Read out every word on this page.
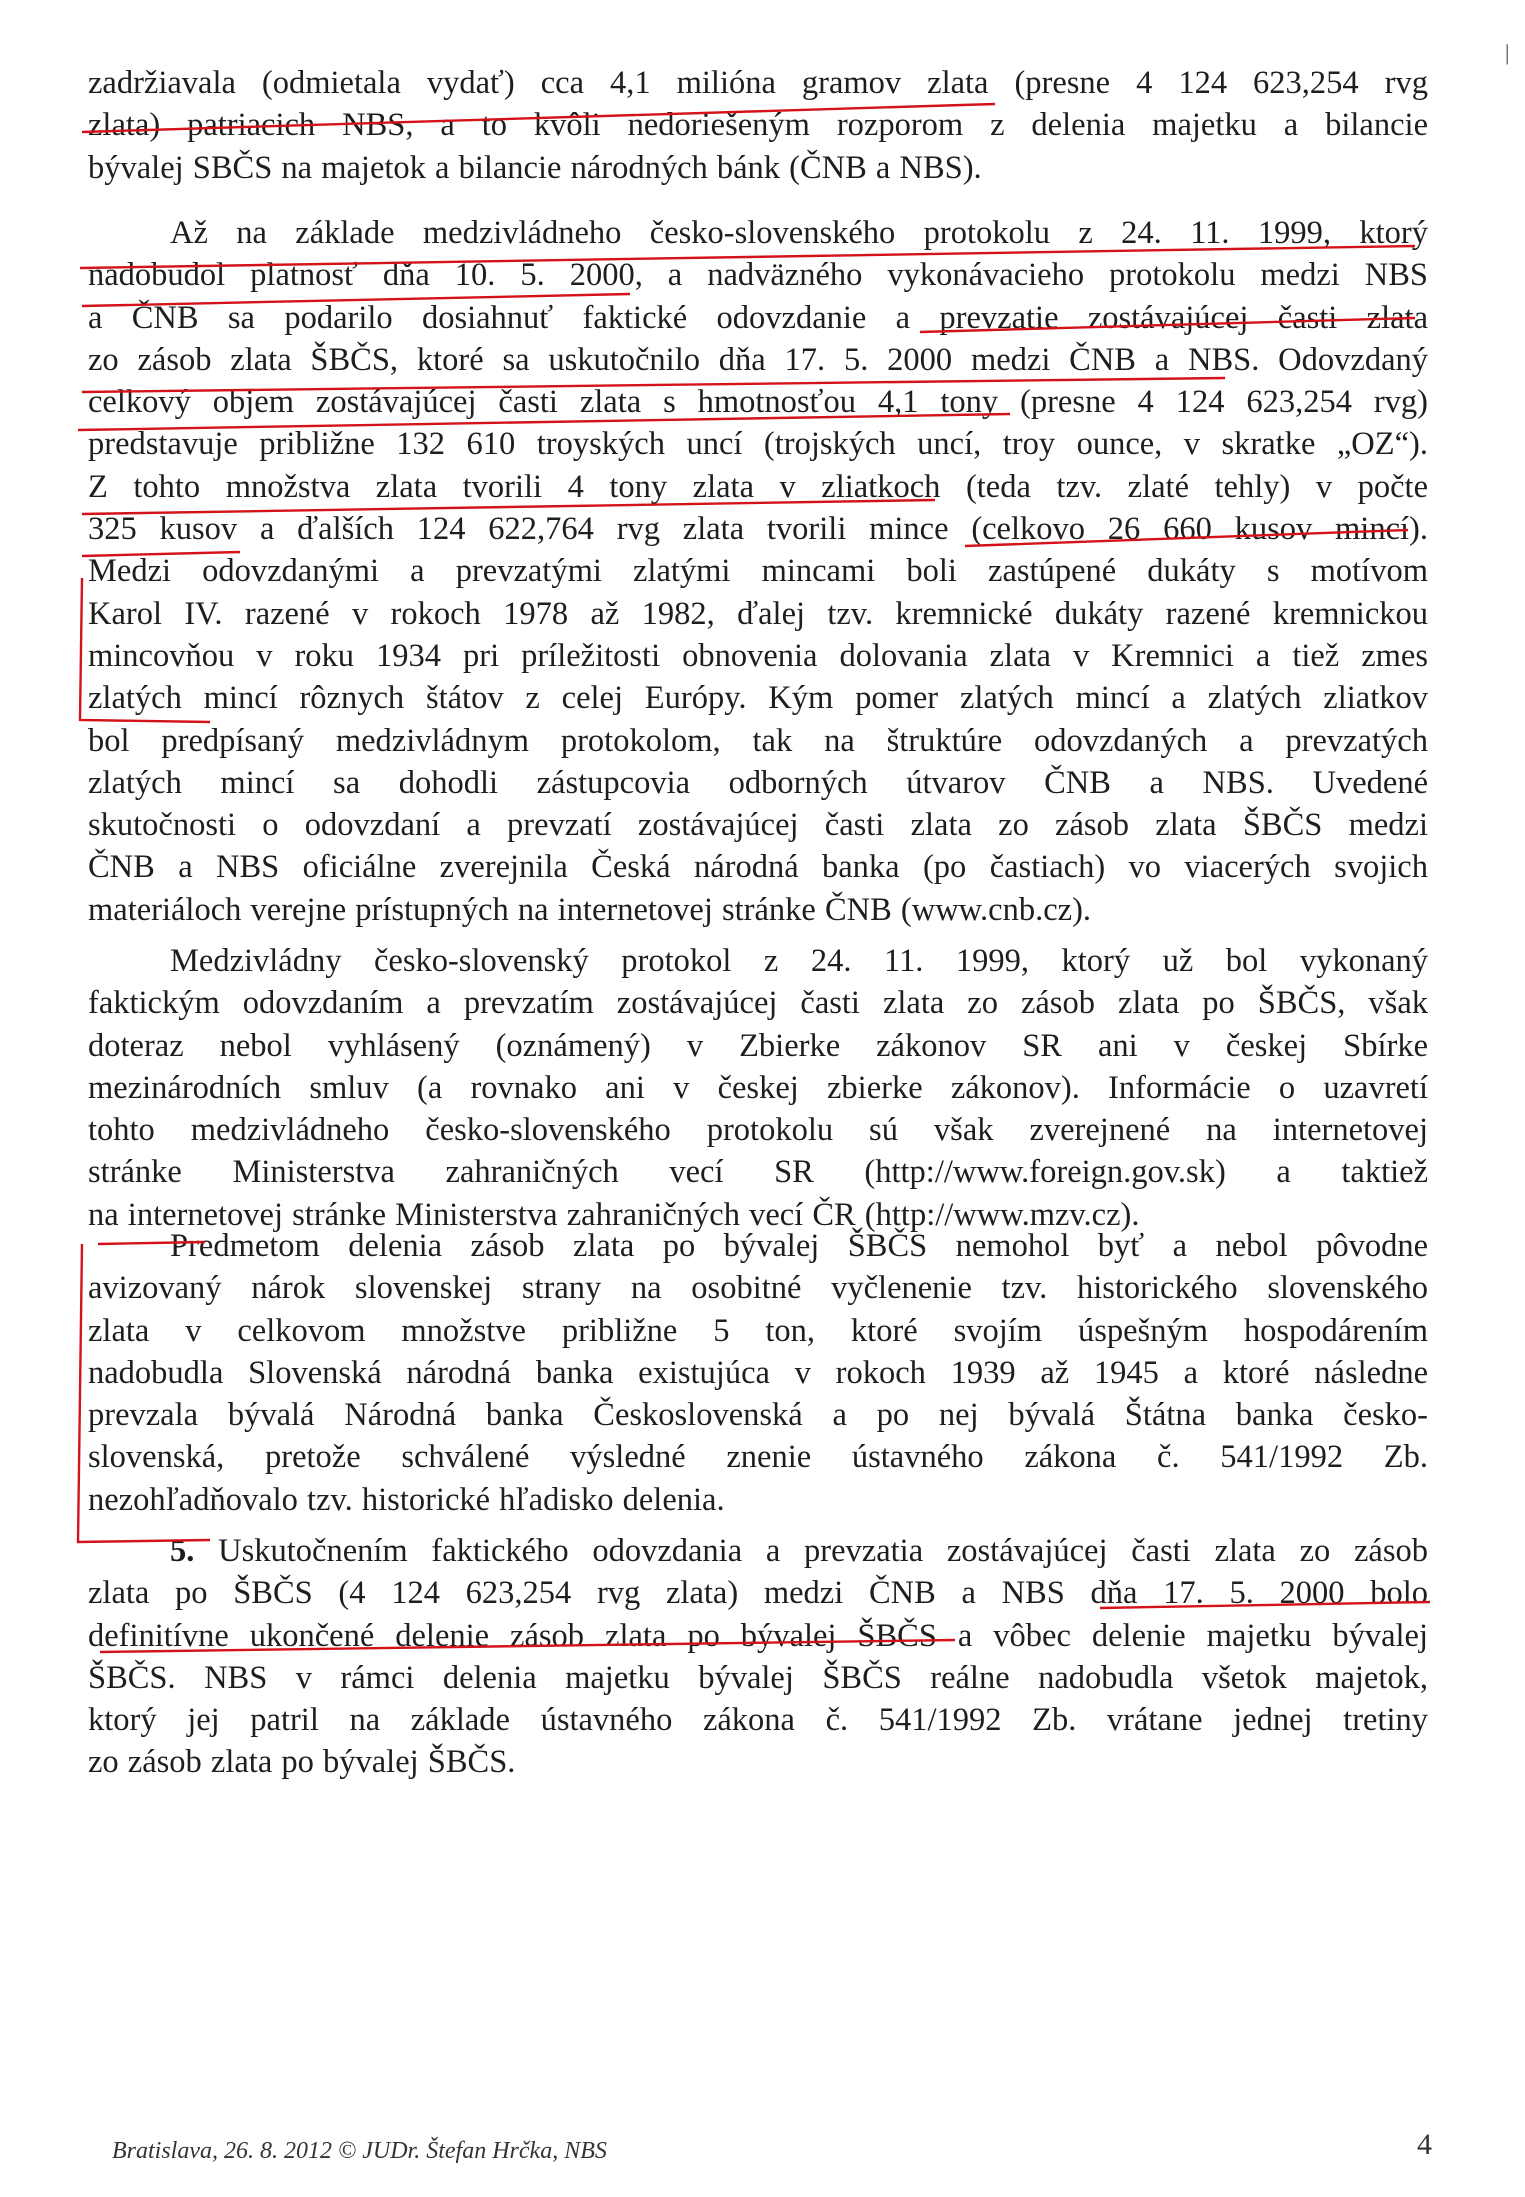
|
zadržiavala (odmietala vydať) cca 4,1 milióna gramov zlata (presne 4 124 623,254 rvg
zlata) patriacich NBS, a to kvôli nedoriešeným rozporom z delenia majetku a bilancie
bývalej SBČS na majetok a bilancie národných bánk (ČNB a NBS).
Až na základe medzivládneho česko-slovenského protokolu z 24. 11. 1999, ktorý
nadobudol platnosť dňa 10. 5. 2000, a nadväzného vykonávacieho protokolu medzi NBS
a ČNB sa podarilo dosiahnuť faktické odovzdanie a prevzatie zostávajúcej časti zlata
zo zásob zlata ŠBČS, ktoré sa uskutočnilo dňa 17. 5. 2000 medzi ČNB a NBS. Odovzdaný
celkový objem zostávajúcej časti zlata s hmotnosťou 4,1 tony (presne 4 124 623,254 rvg)
predstavuje približne 132 610 troyských uncí (trojských uncí, troy ounce, v skratke „OZ“).
Z tohto množstva zlata tvorili 4 tony zlata v zliatkoch (teda tzv. zlaté tehly) v počte
325 kusov a ďalších 124 622,764 rvg zlata tvorili mince (celkovo 26 660 kusov mincí).
Medzi odovzdanými a prevzatými zlatými mincami boli zastúpené dukáty s motívom
Karol IV. razené v rokoch 1978 až 1982, ďalej tzv. kremnické dukáty razené kremnickou
mincovňou v roku 1934 pri príležitosti obnovenia dolovania zlata v Kremnici a tiež zmes
zlatých mincí rôznych štátov z celej Európy. Kým pomer zlatých mincí a zlatých zliatkov
bol predpísaný medzivládnym protokolom, tak na štruktúre odovzdaných a prevzatých
zlatých mincí sa dohodli zástupcovia odborných útvarov ČNB a NBS. Uvedené
skutočnosti o odovzdaní a prevzatí zostávajúcej časti zlata zo zásob zlata ŠBČS medzi
ČNB a NBS oficiálne zverejnila Česká národná banka (po častiach) vo viacerých svojich
materiáloch verejne prístupných na internetovej stránke ČNB (www.cnb.cz).
Medzivládny česko-slovenský protokol z 24. 11. 1999, ktorý už bol vykonaný
faktickým odovzdaním a prevzatím zostávajúcej časti zlata zo zásob zlata po ŠBČS, však
doteraz nebol vyhlásený (oznámený) v Zbierke zákonov SR ani v českej Sbírke
mezinárodních smluv (a rovnako ani v českej zbierke zákonov). Informácie o uzavretí
tohto medzivládneho česko-slovenského protokolu sú však zverejnené na internetovej
stránke Ministerstva zahraničných vecí SR (http://www.foreign.gov.sk) a taktiež
na internetovej stránke Ministerstva zahraničných vecí ČR (http://www.mzv.cz).
Predmetom delenia zásob zlata po bývalej ŠBČS nemohol byť a nebol pôvodne
avizovaný nárok slovenskej strany na osobitné vyčlenenie tzv. historického slovenského
zlata v celkovom množstve približne 5 ton, ktoré svojím úspešným hospodárením
nadobudla Slovenská národná banka existujúca v rokoch 1939 až 1945 a ktoré následne
prevzala bývalá Národná banka Československá a po nej bývalá Štátna banka česko-
slovenská, pretože schválené výsledné znenie ústavného zákona č. 541/1992 Zb.
nezohľadňovalo tzv. historické hľadisko delenia.
5. Uskutočnením faktického odovzdania a prevzatia zostávajúcej časti zlata zo zásob
zlata po ŠBČS (4 124 623,254 rvg zlata) medzi ČNB a NBS dňa 17. 5. 2000 bolo
definitívne ukončené delenie zásob zlata po bývalej ŠBČS a vôbec delenie majetku bývalej
ŠBČS. NBS v rámci delenia majetku bývalej ŠBČS reálne nadobudla všetok majetok,
ktorý jej patril na základe ústavného zákona č. 541/1992 Zb. vrátane jednej tretiny
zo zásob zlata po bývalej ŠBČS.
Bratislava, 26. 8. 2012 © JUDr. Štefan Hrčka, NBS	4
